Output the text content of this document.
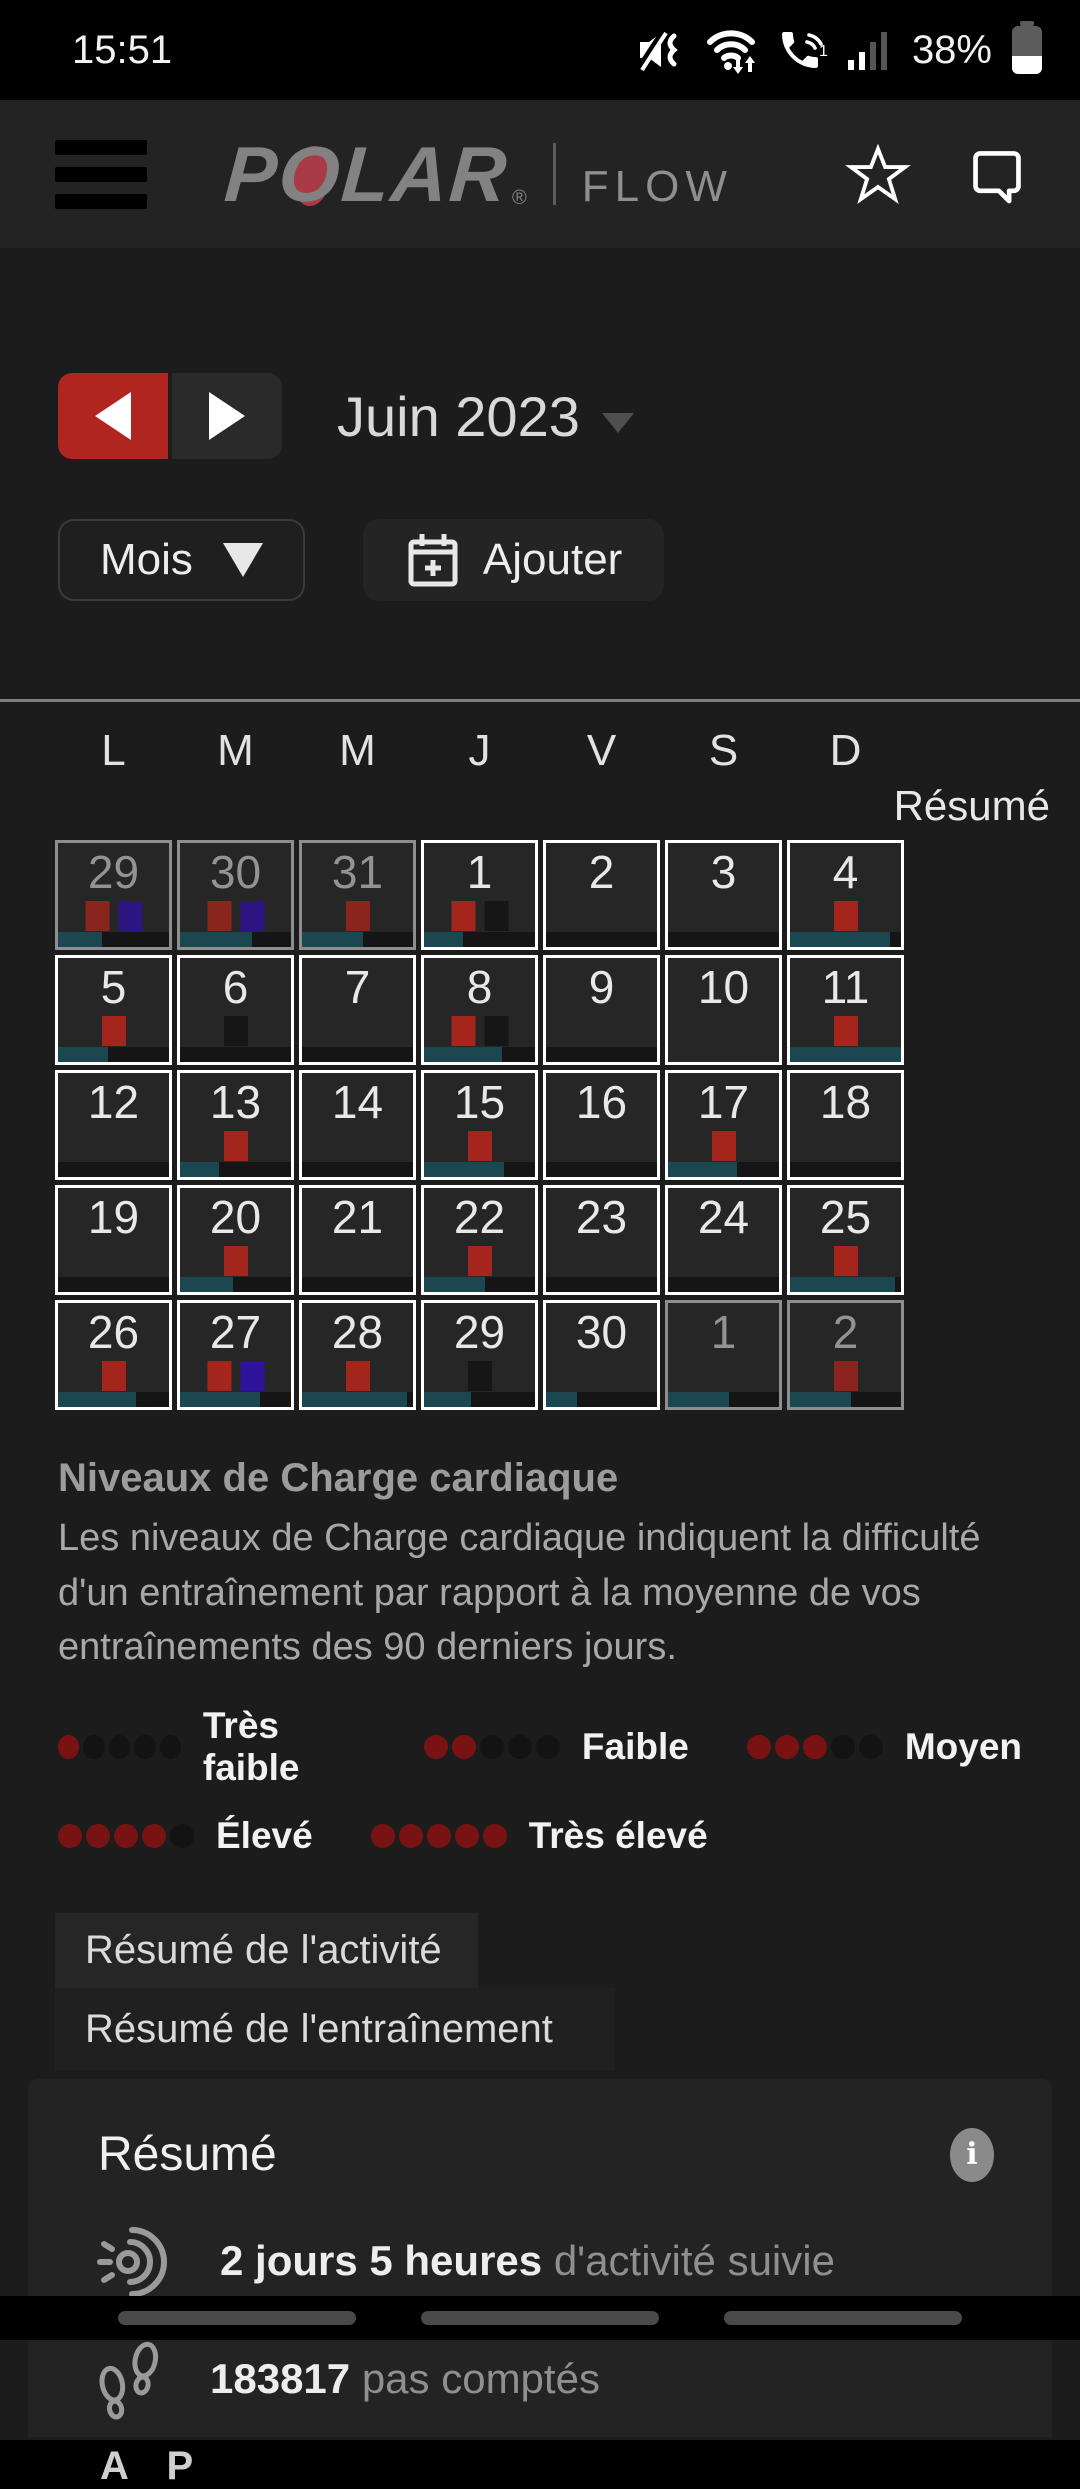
15:51	1 38%
P
O
LAR ® FLOW
Juin 2023
Mois	Ajouter
L	M	M	J	V	S	D
Résumé
29	30	31	1	2	3	4
5	6	7	8	9	10	11
12	13	14	15	16	17	18
19	20	21	22	23	24	25
26	27	28	29	30	1	2
Niveaux de Charge cardiaque
Les niveaux de Charge cardiaque indiquent la difficulté d'un entraînement par rapport à la moyenne de vos entraînements des 90 derniers jours.
Très faible
Faible	Moyen
Élevé	Très élevé
Résumé de l'activité
Résumé de l'entraînement
Résumé	i
2 jours 5 heures d'activité suivie
183817 pas comptés
A P
